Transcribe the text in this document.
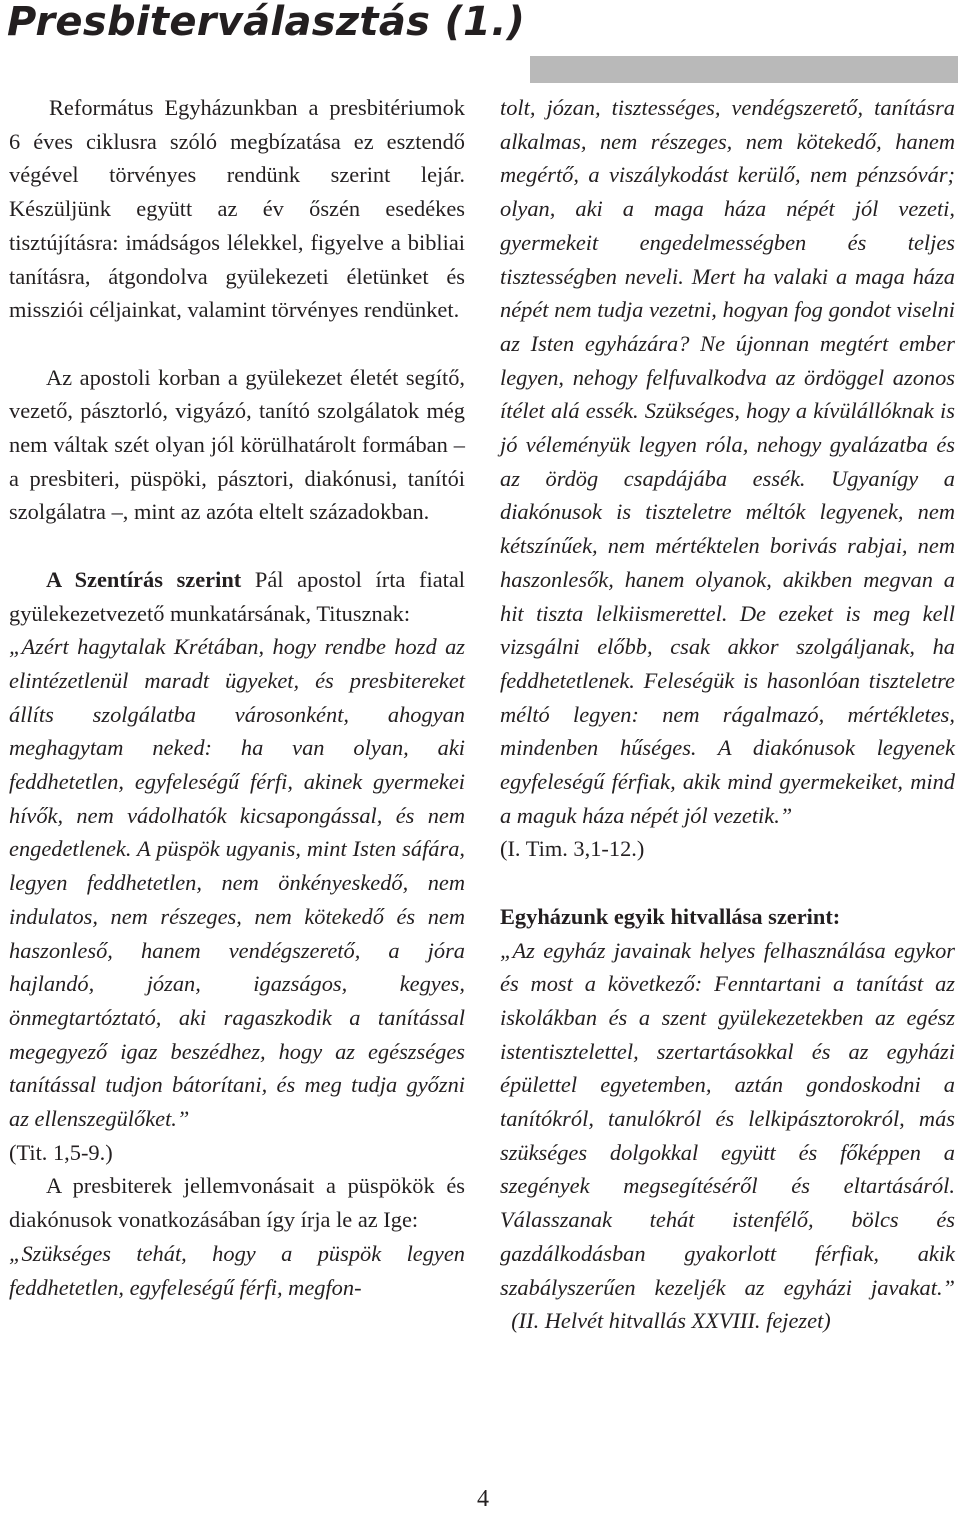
Presbiterválasztás (1.)

Református Egyházunkban a presbitériumok 6 éves ciklusra szóló megbízatása ez esztendő végével törvényes rendünk szerint lejár. Készüljünk együtt az év őszén esedékes tisztújításra: imádságos lélekkel, figyelve a bibliai tanításra, átgondolva gyülekezeti életünket és missziói céljainkat, valamint törvényes rendünket.

Az apostoli korban a gyülekezet életét segítő, vezető, pásztorló, vigyázó, tanító szolgálatok még nem váltak szét olyan jól körülhatárolt formában – a presbiteri, püspöki, pásztori, diakónusi, tanítói szolgálatra –, mint az azóta eltelt századokban.

A Szentírás szerint Pál apostol írta fiatal gyülekezetvezető munkatársának, Titusznak:

„Azért hagytalak Krétában, hogy rendbe hozd az elintézetlenül maradt ügyeket, és presbitereket állíts szolgálatba városonként, ahogyan meghagytam neked: ha van olyan, aki feddhetetlen, egyfeleségű férfi, akinek gyermekei hívők, nem vádolhatók kicsapongással, és nem engedetlenek. A püspök ugyanis, mint Isten sáfára, legyen feddhetetlen, nem önkényeskedő, nem indulatos, nem részeges, nem kötekedő és nem haszonleső, hanem vendégszerető, a jóra hajlandó, józan, igazságos, kegyes, önmegtartóztató, aki ragaszkodik a tanítással megegyező igaz beszédhez, hogy az egészséges tanítással tudjon bátorítani, és meg tudja győzni az ellenszegülőket.”

(Tit. 1,5-9.)

A presbiterek jellemvonásait a püspökök és diakónusok vonatkozásában így írja le az Ige:

„Szükséges tehát, hogy a püspök legyen feddhetetlen, egyfeleségű férfi, megfon-

tolt, józan, tisztességes, vendégszerető, tanításra alkalmas, nem részeges, nem kötekedő, hanem megértő, a viszálykodást kerülő, nem pénzsóvár; olyan, aki a maga háza népét jól vezeti, gyermekeit engedelmességben és teljes tisztességben neveli. Mert ha valaki a maga háza népét nem tudja vezetni, hogyan fog gondot viselni az Isten egyházára? Ne újonnan megtért ember legyen, nehogy felfuvalkodva az ördöggel azonos ítélet alá essék. Szükséges, hogy a kívülállóknak is jó véleményük legyen róla, nehogy gyalázatba és az ördög csapdájába essék. Ugyanígy a diakónusok is tiszteletre méltók legyenek, nem kétszínűek, nem mértéktelen borivás rabjai, nem haszonlesők, hanem olyanok, akikben megvan a hit tiszta lelkiismerettel. De ezeket is meg kell vizsgálni előbb, csak akkor szolgáljanak, ha feddhetetlenek. Feleségük is hasonlóan tiszteletre méltó legyen: nem rágalmazó, mértékletes, mindenben hűséges. A diakónusok legyenek egyfeleségű férfiak, akik mind gyermekeiket, mind a maguk háza népét jól vezetik.”

(I. Tim. 3,1-12.)

Egyházunk egyik hitvallása szerint:

„Az egyház javainak helyes felhasználása egykor és most a következő: Fenntartani a tanítást az iskolákban és a szent gyülekezetekben az egész istentisztelettel, szertartásokkal és az egyházi épülettel egyetemben, aztán gondoskodni a tanítókról, tanulókról és lelkipásztorokról, más szükséges dolgokkal együtt és főképpen a szegények megsegítéséről és eltartásáról. Válasszanak tehát istenfélő, bölcs és gazdálkodásban gyakorlott férfiak, akik szabályszerűen kezeljék az egyházi javakat.”  (II. Helvét hitvallás XXVIII. fejezet)

4
